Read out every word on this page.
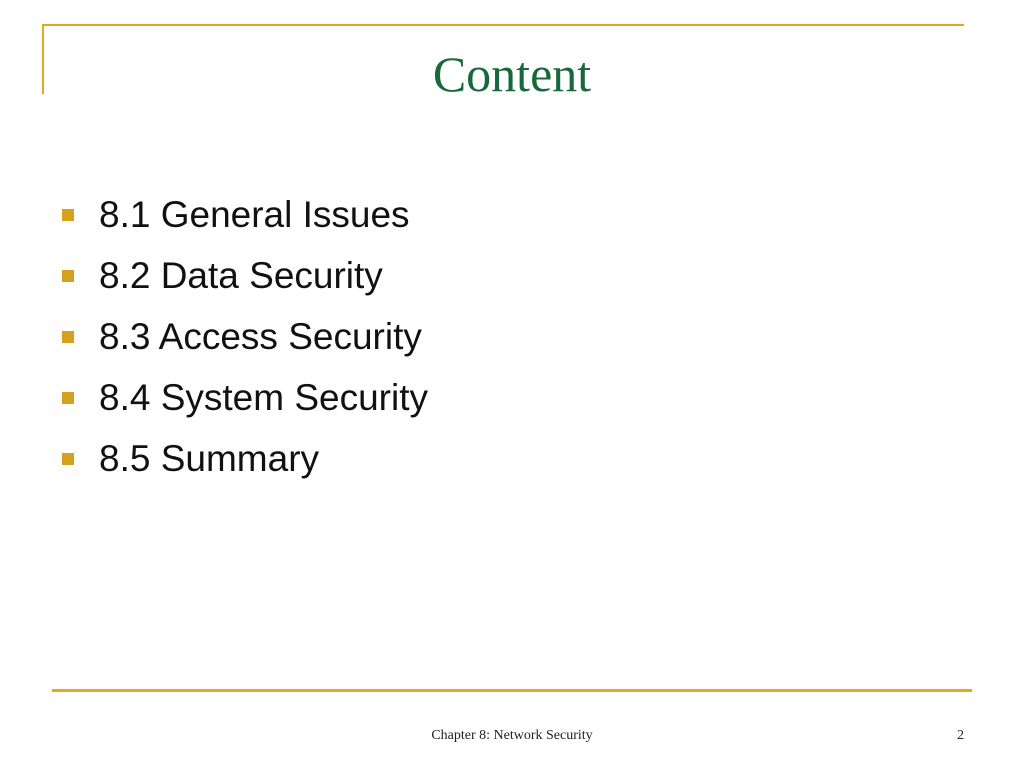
Content
8.1 General Issues
8.2 Data Security
8.3 Access Security
8.4 System Security
8.5 Summary
Chapter 8: Network Security	2
